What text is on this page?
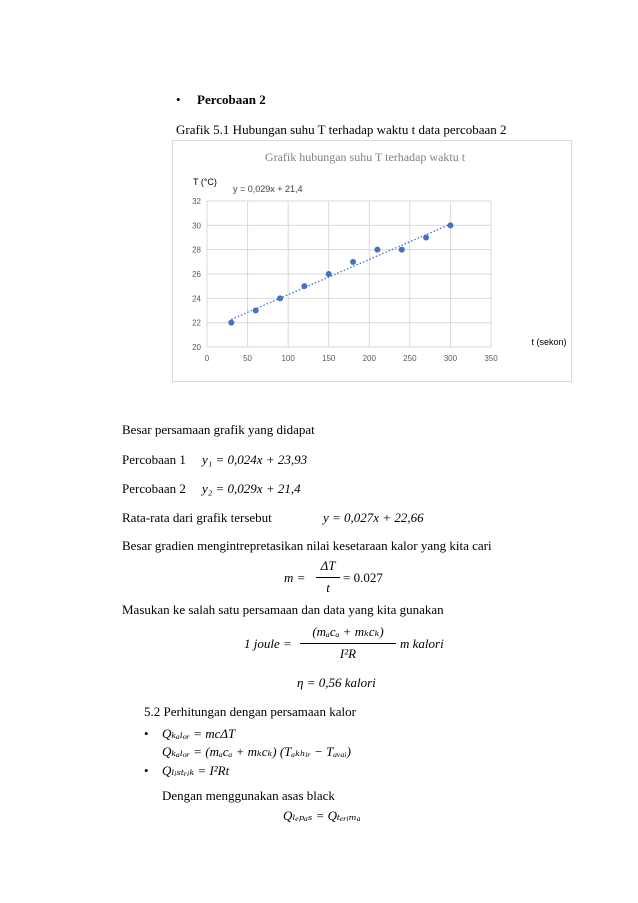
• Percobaan 2
Grafik 5.1 Hubungan suhu T terhadap waktu t data percobaan 2
20
22
24
26
28
30
32
0	50	100	150	200	250	300	350
Grafik hubungan suhu T terhadap waktu t
T (°C)
t (sekon)
y = 0,029x + 21,4
Besar persamaan grafik yang didapat
Percobaan 1 y₁ = 0,024x + 23,93
Percobaan 2 y₂ = 0,029x + 21,4
Rata-rata dari grafik tersebut	y = 0,027x + 22,66
Besar gradien mengintrepretasikan nilai kesetaraan kalor yang kita cari
m =
ΔT
t
= 0.027
Masukan ke salah satu persamaan dan data yang kita gunakan
1 joule =
(mₐcₐ + mₖcₖ)
I²R
m kalori
η = 0,56 kalori
5.2 Perhitungan dengan persamaan kalor
• Qₖₐₗₒᵣ = mcΔT
Qₖₐₗₒᵣ = (mₐcₐ + mₖcₖ) (Tₐₖₕᵢᵣ − Tₐᵥₐᵢ)
• Qₗᵢₛₜᵣᵢₖ = I²Rt
Dengan menggunakan asas black
Qₗₑₚₐₛ = Qₜₑᵣᵢₘₐ
